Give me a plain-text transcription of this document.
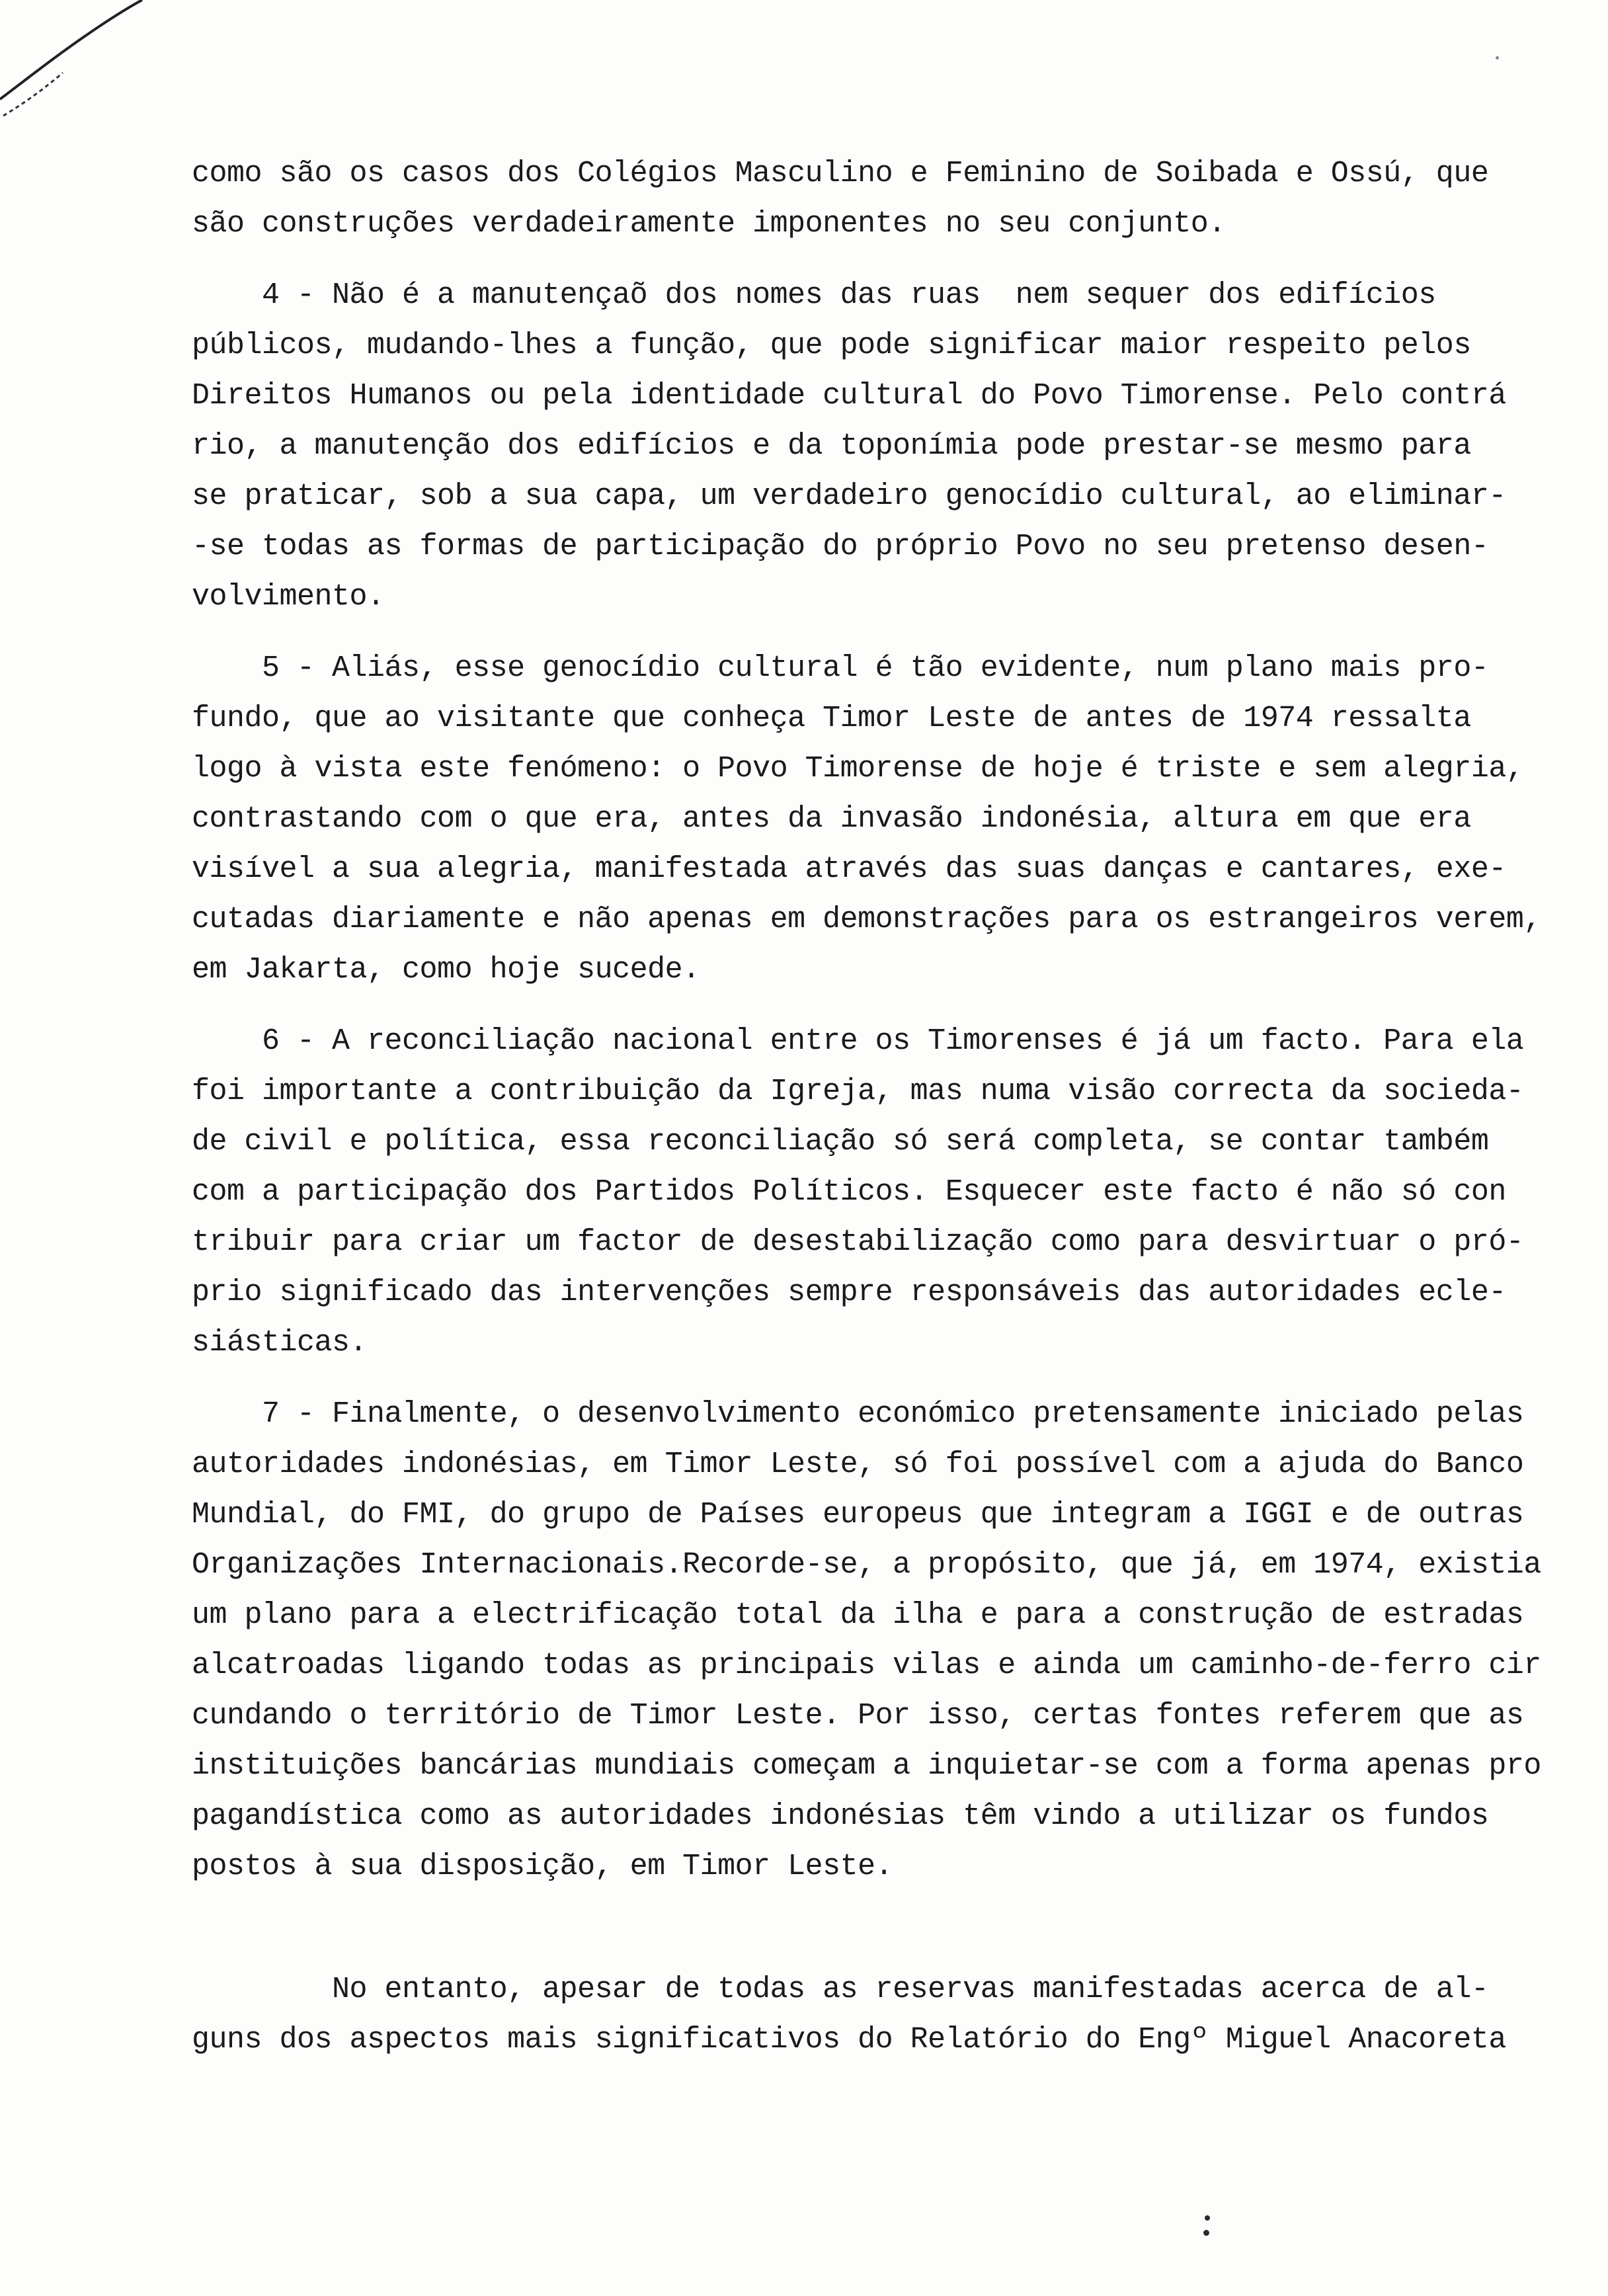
como são os casos dos Colégios Masculino e Feminino de Soibada e Ossú, que
são construções verdadeiramente imponentes no seu conjunto.
4 - Não é a manutençaõ dos nomes das ruas  nem sequer dos edifícios
públicos, mudando-lhes a função, que pode significar maior respeito pelos
Direitos Humanos ou pela identidade cultural do Povo Timorense. Pelo contrá
rio, a manutenção dos edifícios e da toponímia pode prestar-se mesmo para
se praticar, sob a sua capa, um verdadeiro genocídio cultural, ao eliminar-
-se todas as formas de participação do próprio Povo no seu pretenso desen-
volvimento.
5 - Aliás, esse genocídio cultural é tão evidente, num plano mais pro-
fundo, que ao visitante que conheça Timor Leste de antes de 1974 ressalta
logo à vista este fenómeno: o Povo Timorense de hoje é triste e sem alegria,
contrastando com o que era, antes da invasão indonésia, altura em que era
visível a sua alegria, manifestada através das suas danças e cantares, exe-
cutadas diariamente e não apenas em demonstrações para os estrangeiros verem,
em Jakarta, como hoje sucede.
6 - A reconciliação nacional entre os Timorenses é já um facto. Para ela
foi importante a contribuição da Igreja, mas numa visão correcta da socieda-
de civil e política, essa reconciliação só será completa, se contar também
com a participação dos Partidos Políticos. Esquecer este facto é não só con
tribuir para criar um factor de desestabilização como para desvirtuar o pró-
prio significado das intervenções sempre responsáveis das autoridades ecle-
siásticas.
7 - Finalmente, o desenvolvimento económico pretensamente iniciado pelas
autoridades indonésias, em Timor Leste, só foi possível com a ajuda do Banco
Mundial, do FMI, do grupo de Países europeus que integram a IGGI e de outras
Organizações Internacionais.Recorde-se, a propósito, que já, em 1974, existia
um plano para a electrificação total da ilha e para a construção de estradas
alcatroadas ligando todas as principais vilas e ainda um caminho-de-ferro cir
cundando o território de Timor Leste. Por isso, certas fontes referem que as
instituições bancárias mundiais começam a inquietar-se com a forma apenas pro
pagandística como as autoridades indonésias têm vindo a utilizar os fundos
postos à sua disposição, em Timor Leste.
No entanto, apesar de todas as reservas manifestadas acerca de al-
guns dos aspectos mais significativos do Relatório do Engº Miguel Anacoreta
